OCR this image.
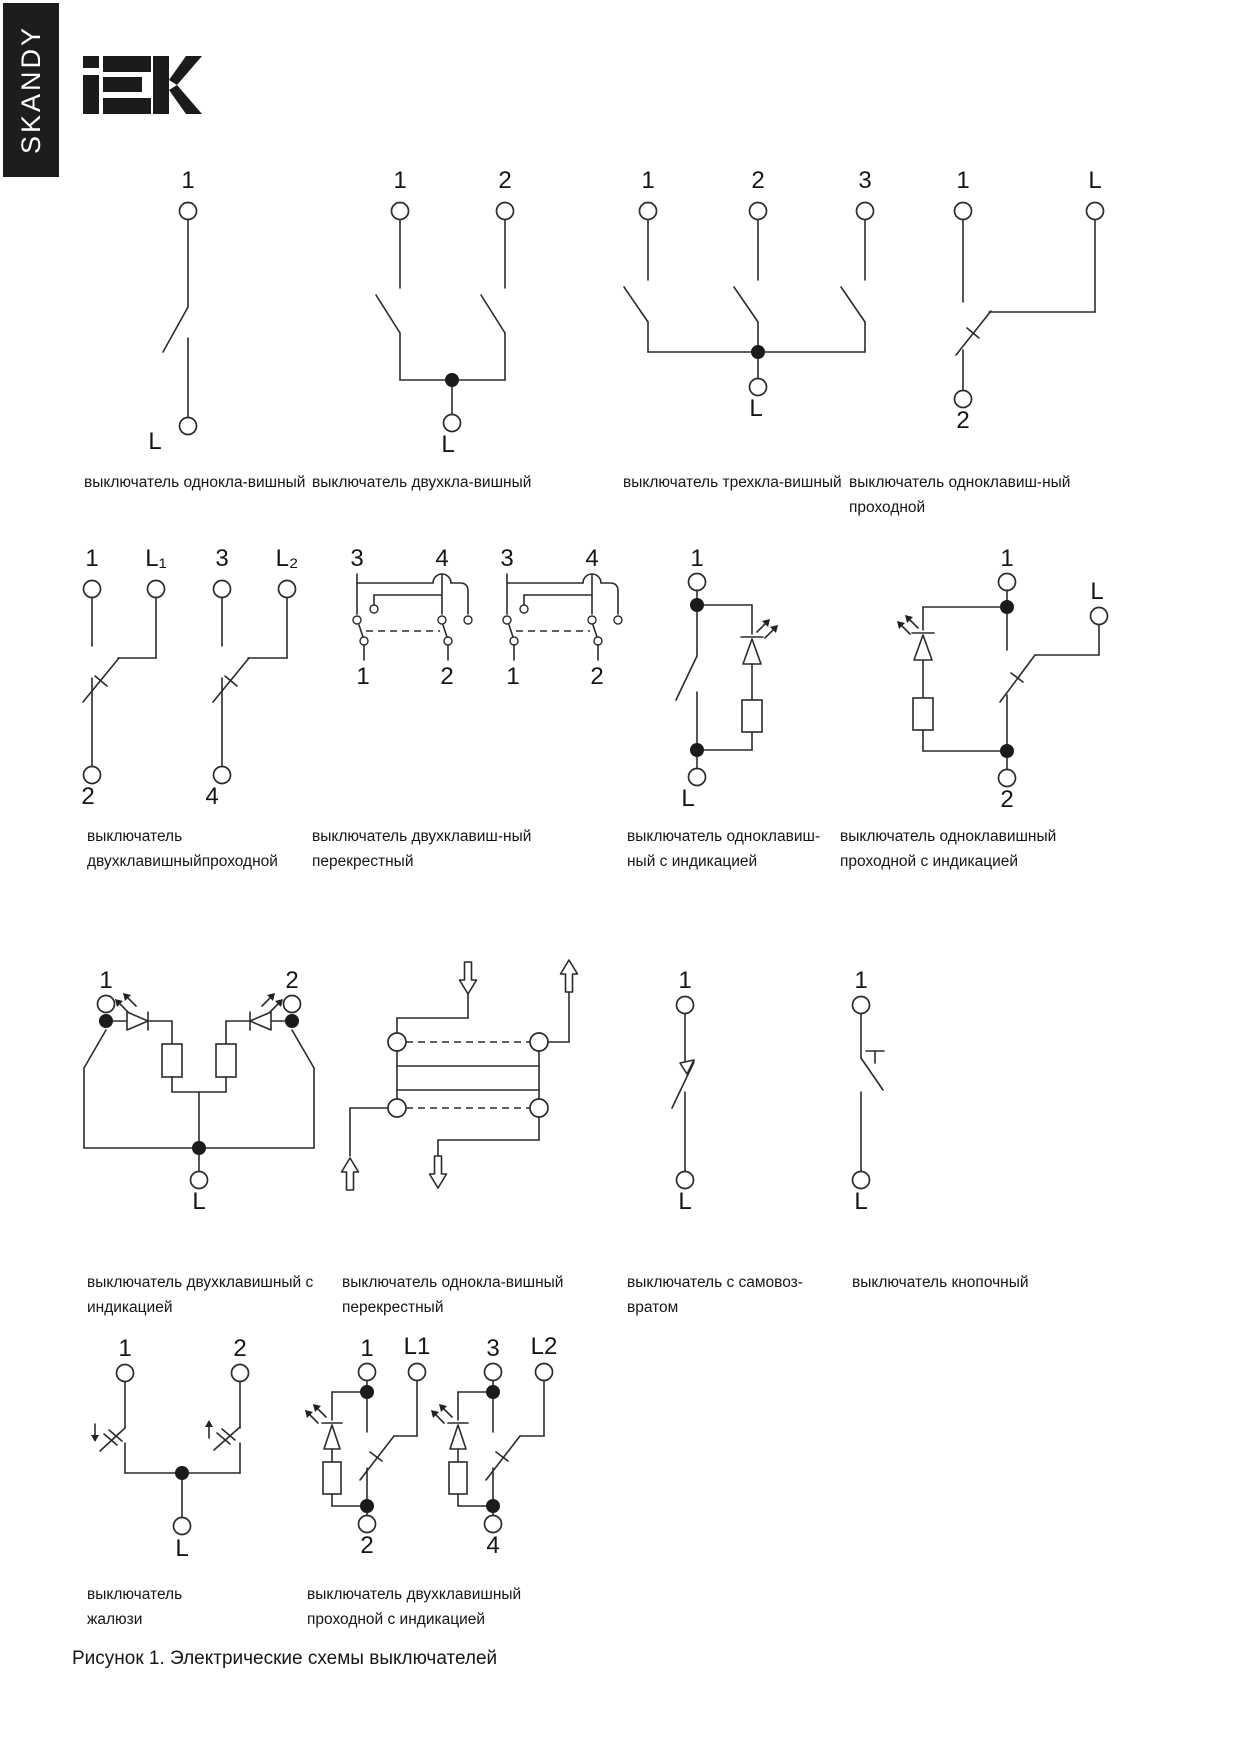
SKANDY
1
L
1	2
L
1	2	3
L
1	L
2
1 L₁ 3 L₂
2	4
3	4
1	2
3	4
1	2
1
L
1
L
2
1	2
L
1
L
1
L
1	2
L
1 L1
2
3 L2
4
выключатель однокла-вишный выключатель двухкла-вишный	выключатель трехкла-вишный выключатель одноклавиш-ный
проходной
выключатель
двухклавишныйпроходной
выключатель двухклавиш-ный
перекрестный
выключатель одноклавиш-
ный с индикацией
выключатель одноклавишный
проходной с индикацией
выключатель двухклавишный с
индикацией
выключатель однокла-вишный
перекрестный
выключатель с самовоз-
вратом
выключатель кнопочный
выключатель
жалюзи
выключатель двухклавишный
проходной с индикацией
Рисунок 1. Электрические схемы выключателей
